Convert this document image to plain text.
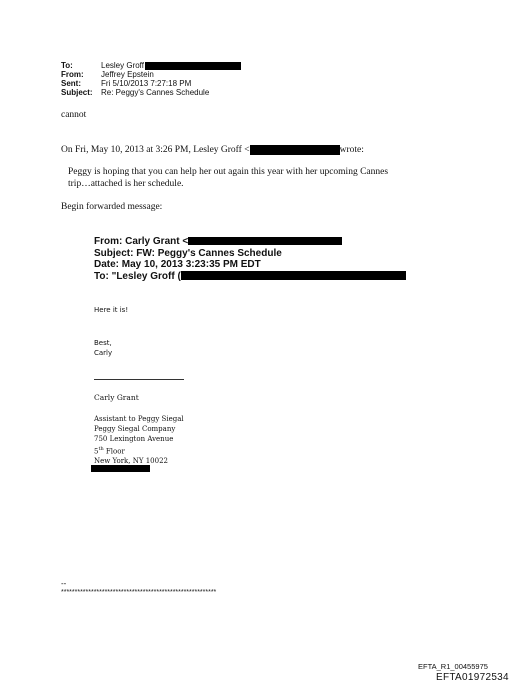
To:	Lesley Groff
From: Jeffrey Epstein
Sent:	Fri 5/10/2013 7:27:18 PM
Subject: Re: Peggy's Cannes Schedule
cannot
On Fri, May 10, 2013 at 3:26 PM, Lesley Groff <	wrote:
Peggy is hoping that you can help her out again this year with her upcoming Cannes
trip…attached is her schedule.
Begin forwarded message:
From: Carly Grant <
Subject: FW: Peggy's Cannes Schedule
Date: May 10, 2013 3:23:35 PM EDT
To: "Lesley Groff (
Here it is!
Best,
Carly
Carly Grant
Assistant to Peggy Siegal
Peggy Siegal Company
750 Lexington Avenue
5th Floor
New York, NY 10022
--
*********************************************************
EFTA_R1_00455975
EFTA01972534
